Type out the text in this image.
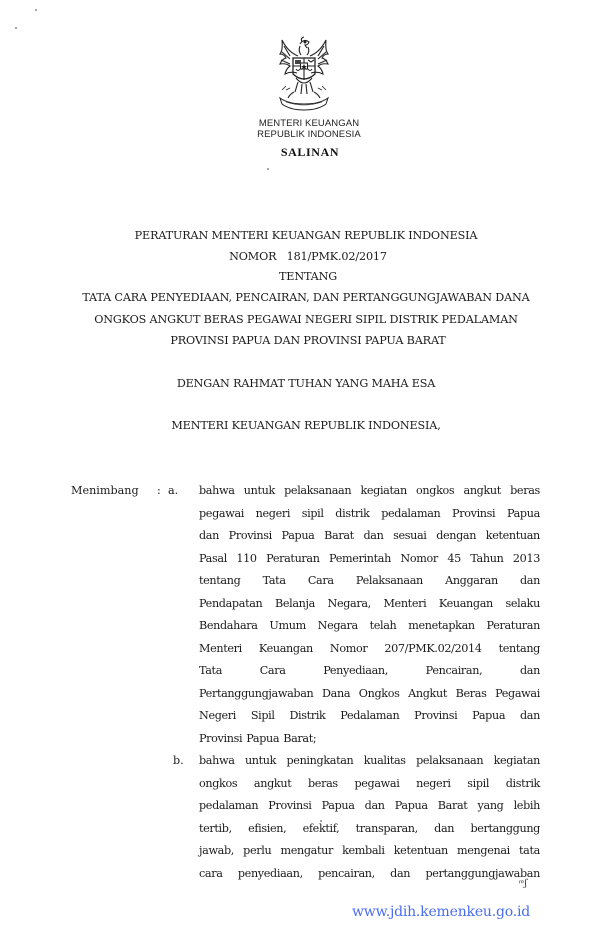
MENTERI KEUANGAN
REPUBLIK INDONESIA
SALINAN
PERATURAN MENTERI KEUANGAN REPUBLIK INDONESIA
NOMOR   181/PMK.02/2017
TENTANG
TATA CARA PENYEDIAAN, PENCAIRAN, DAN PERTANGGUNGJAWABAN DANA
ONGKOS ANGKUT BERAS PEGAWAI NEGERI SIPIL DISTRIK PEDALAMAN
PROVINSI PAPUA DAN PROVINSI PAPUA BARAT
DENGAN RAHMAT TUHAN YANG MAHA ESA
MENTERI KEUANGAN REPUBLIK INDONESIA,
Menimbang : a. bahwa untuk pelaksanaan kegiatan ongkos angkut beras
pegawai negeri sipil distrik pedalaman Provinsi Papua
dan Provinsi Papua Barat dan sesuai dengan ketentuan
Pasal 110 Peraturan Pemerintah Nomor 45 Tahun 2013
tentang Tata Cara Pelaksanaan Anggaran dan
Pendapatan Belanja Negara, Menteri Keuangan selaku
Bendahara Umum Negara telah menetapkan Peraturan
Menteri Keuangan Nomor 207/PMK.02/2014 tentang
Tata	Cara	Penyediaan,	Pencairan,	dan
Pertanggungjawaban Dana Ongkos Angkut Beras Pegawai
Negeri Sipil Distrik Pedalaman Provinsi Papua dan
Provinsi Papua Barat;
b. bahwa untuk peningkatan kualitas pelaksanaan kegiatan
ongkos angkut beras pegawai negeri sipil distrik
pedalaman Provinsi Papua dan Papua Barat yang lebih
tertib, efisien, efektif, transparan, dan bertanggung
jawab, perlu mengatur kembali ketentuan mengenai tata
cara penyediaan, pencairan, dan pertanggungjawaban
ᵐʃ
www.jdih.kemenkeu.go.id
